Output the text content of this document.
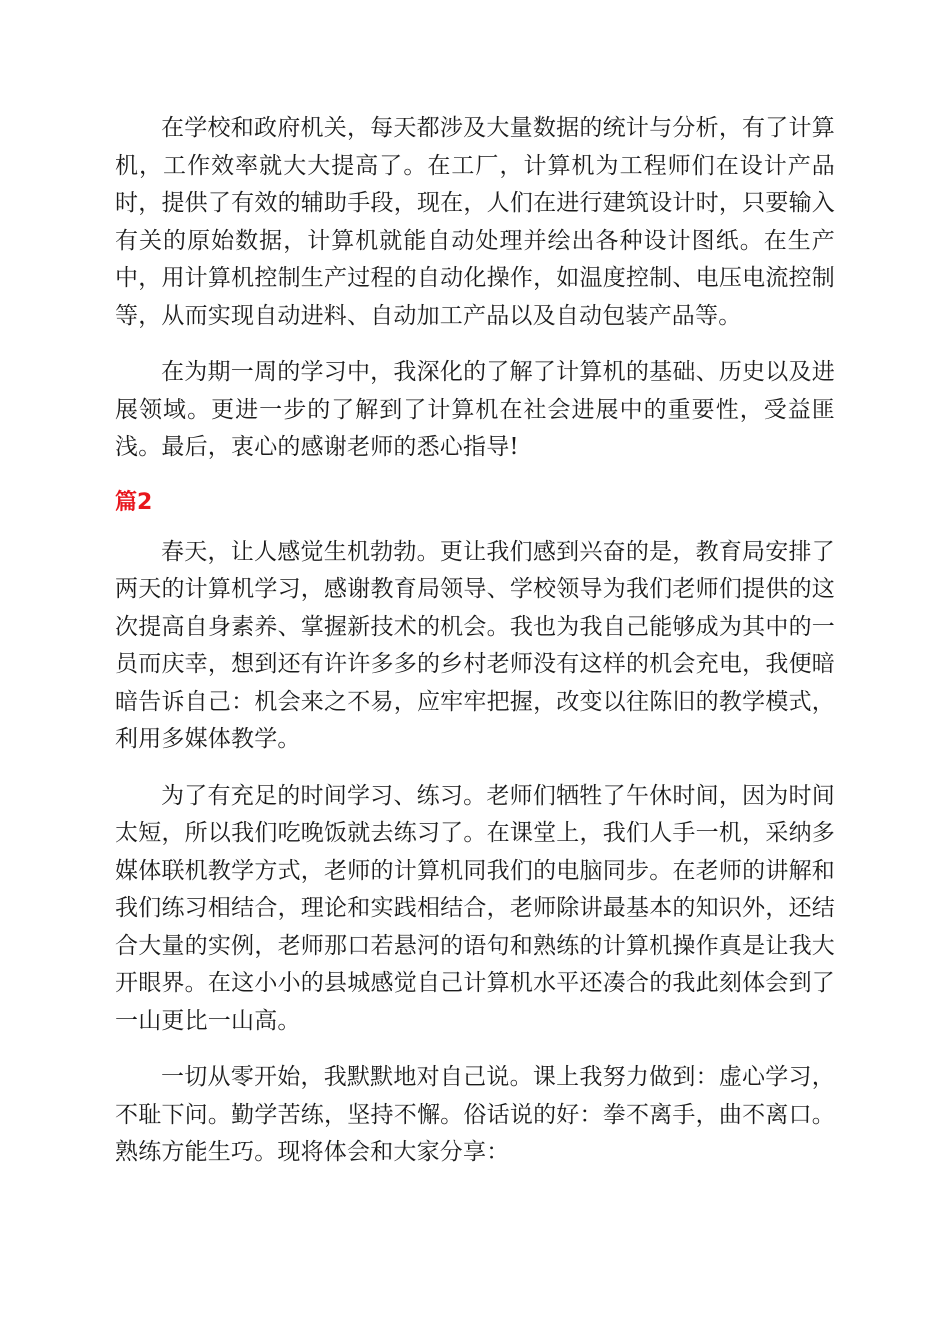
在学校和政府机关，每天都涉及大量数据的统计与分析，有了计算机，工作效率就大大提高了。在工厂，计算机为工程师们在设计产品时，提供了有效的辅助手段，现在，人们在进行建筑设计时，只要输入有关的原始数据，计算机就能自动处理并绘出各种设计图纸。在生产中，用计算机控制生产过程的自动化操作，如温度控制、电压电流控制等，从而实现自动进料、自动加工产品以及自动包装产品等。

在为期一周的学习中，我深化的了解了计算机的基础、历史以及进展领域。更进一步的了解到了计算机在社会进展中的重要性，受益匪浅。最后，衷心的感谢老师的悉心指导!

篇2

春天，让人感觉生机勃勃。更让我们感到兴奋的是，教育局安排了两天的计算机学习，感谢教育局领导、学校领导为我们老师们提供的这次提高自身素养、掌握新技术的机会。我也为我自己能够成为其中的一员而庆幸，想到还有许许多多的乡村老师没有这样的机会充电，我便暗暗告诉自己：机会来之不易，应牢牢把握，改变以往陈旧的教学模式，利用多媒体教学。

为了有充足的时间学习、练习。老师们牺牲了午休时间，因为时间太短，所以我们吃晚饭就去练习了。在课堂上，我们人手一机，采纳多媒体联机教学方式，老师的计算机同我们的电脑同步。在老师的讲解和我们练习相结合，理论和实践相结合，老师除讲最基本的知识外，还结合大量的实例，老师那口若悬河的语句和熟练的计算机操作真是让我大开眼界。在这小小的县城感觉自己计算机水平还凑合的我此刻体会到了一山更比一山高。

一切从零开始，我默默地对自己说。课上我努力做到：虚心学习，不耻下问。勤学苦练，坚持不懈。俗话说的好：拳不离手，曲不离口。熟练方能生巧。现将体会和大家分享：
